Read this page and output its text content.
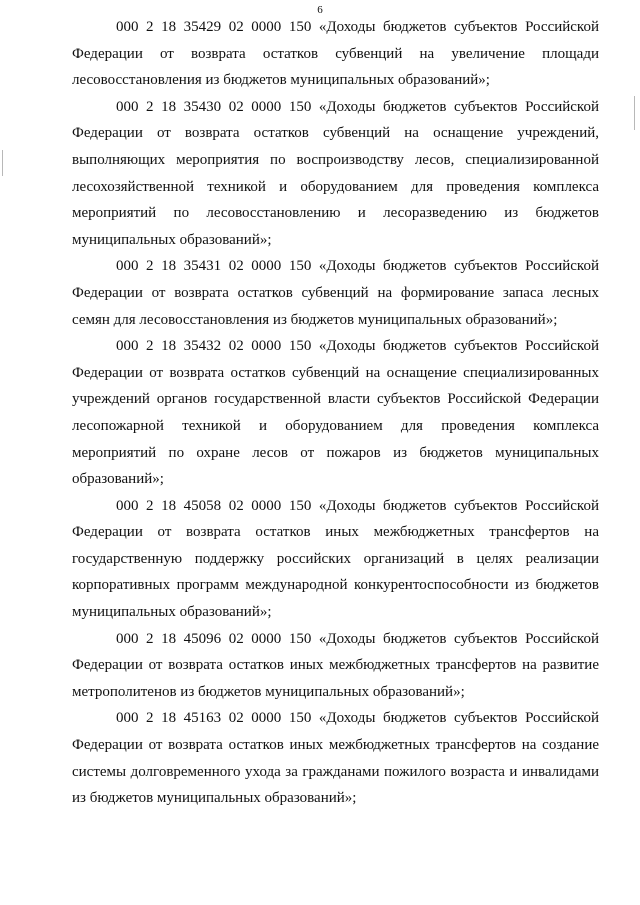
6

000 2 18 35429 02 0000 150 «Доходы бюджетов субъектов Российской Федерации от возврата остатков субвенций на увеличение площади лесовосстановления из бюджетов муниципальных образований»;

000 2 18 35430 02 0000 150 «Доходы бюджетов субъектов Российской Федерации от возврата остатков субвенций на оснащение учреждений, выполняющих мероприятия по воспроизводству лесов, специализированной лесохозяйственной техникой и оборудованием для проведения комплекса мероприятий по лесовосстановлению и лесоразведению из бюджетов муниципальных образований»;

000 2 18 35431 02 0000 150 «Доходы бюджетов субъектов Российской Федерации от возврата остатков субвенций на формирование запаса лесных семян для лесовосстановления из бюджетов муниципальных образований»;

000 2 18 35432 02 0000 150 «Доходы бюджетов субъектов Российской Федерации от возврата остатков субвенций на оснащение специализированных учреждений органов государственной власти субъектов Российской Федерации лесопожарной техникой и оборудованием для проведения комплекса мероприятий по охране лесов от пожаров из бюджетов муниципальных образований»;

000 2 18 45058 02 0000 150 «Доходы бюджетов субъектов Российской Федерации от возврата остатков иных межбюджетных трансфертов на государственную поддержку российских организаций в целях реализации корпоративных программ международной конкурентоспособности из бюджетов муниципальных образований»;

000 2 18 45096 02 0000 150 «Доходы бюджетов субъектов Российской Федерации от возврата остатков иных межбюджетных трансфертов на развитие метрополитенов из бюджетов муниципальных образований»;

000 2 18 45163 02 0000 150 «Доходы бюджетов субъектов Российской Федерации от возврата остатков иных межбюджетных трансфертов на создание системы долговременного ухода за гражданами пожилого возраста и инвалидами из бюджетов муниципальных образований»;
